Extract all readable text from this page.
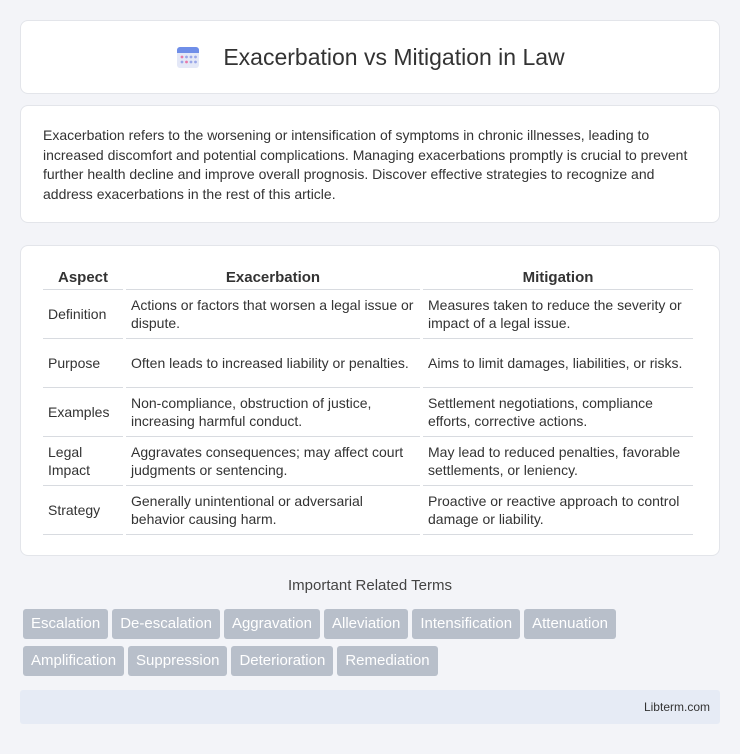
Exacerbation vs Mitigation in Law

Exacerbation refers to the worsening or intensification of symptoms in chronic illnesses, leading to increased discomfort and potential complications. Managing exacerbations promptly is crucial to prevent further health decline and improve overall prognosis. Discover effective strategies to recognize and address exacerbations in the rest of this article.

Aspect	Exacerbation	Mitigation
Definition	Actions or factors that worsen a legal issue or dispute.	Measures taken to reduce the severity or impact of a legal issue.
Purpose	Often leads to increased liability or penalties.	Aims to limit damages, liabilities, or risks.
Examples	Non-compliance, obstruction of justice, increasing harmful conduct.	Settlement negotiations, compliance efforts, corrective actions.
Legal Impact	Aggravates consequences; may affect court judgments or sentencing.	May lead to reduced penalties, favorable settlements, or leniency.
Strategy	Generally unintentional or adversarial behavior causing harm.	Proactive or reactive approach to control damage or liability.
Important Related Terms
Escalation De-escalation Aggravation Alleviation Intensification Attenuation
Amplification Suppression Deterioration Remediation
Libterm.com
